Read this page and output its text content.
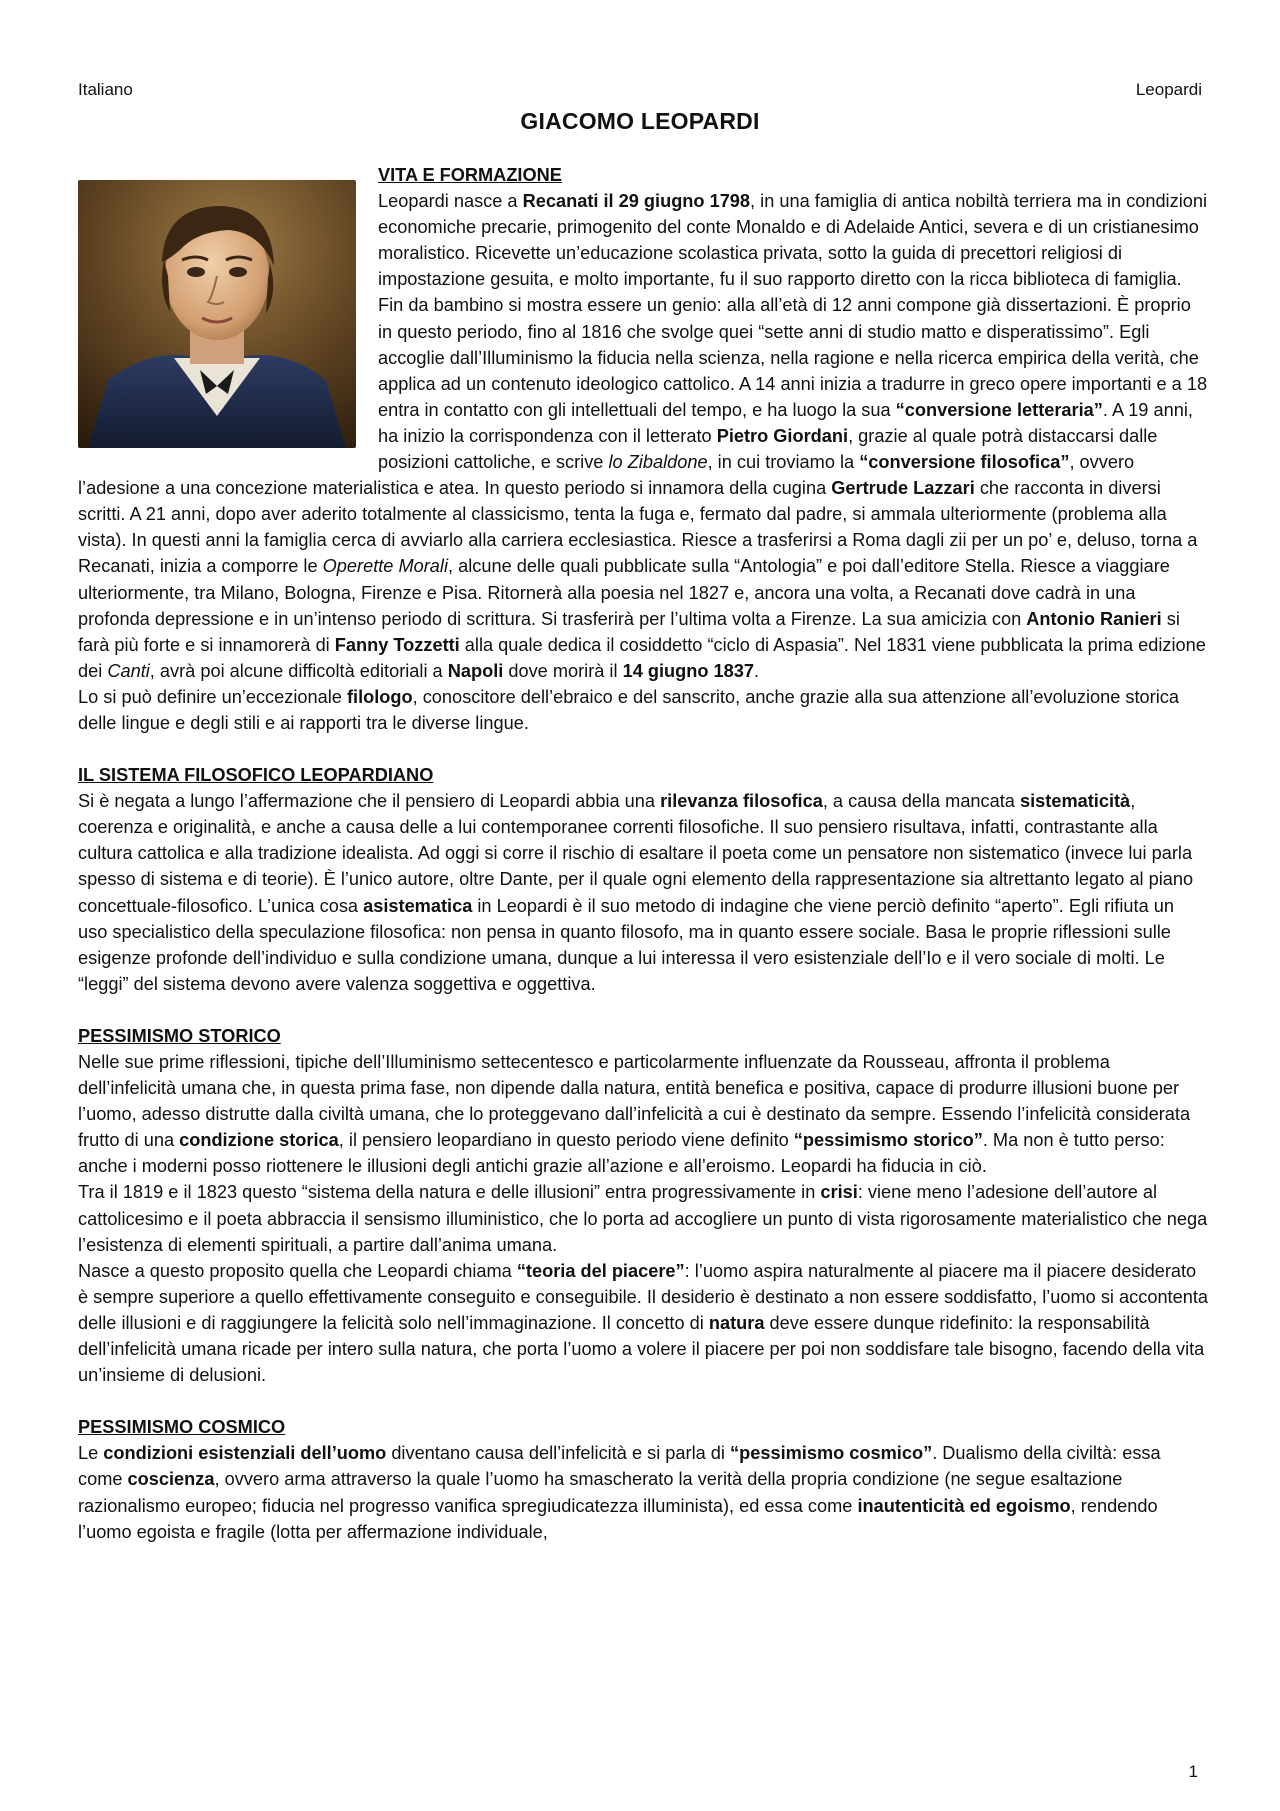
Italiano	Leopardi
GIACOMO LEOPARDI
VITA E FORMAZIONE

Leopardi nasce a Recanati il 29 giugno 1798, in una famiglia di antica nobiltà terriera ma in condizioni economiche precarie, primogenito del conte Monaldo e di Adelaide Antici, severa e di un cristianesimo moralistico. Ricevette un’educazione scolastica privata, sotto la guida di precettori religiosi di impostazione gesuita, e molto importante, fu il suo rapporto diretto con la ricca biblioteca di famiglia. Fin da bambino si mostra essere un genio: alla all’età di 12 anni compone già dissertazioni. È proprio in questo periodo, fino al 1816 che svolge quei “sette anni di studio matto e disperatissimo”. Egli accoglie dall’Illuminismo la fiducia nella scienza, nella ragione e nella ricerca empirica della verità, che applica ad un contenuto ideologico cattolico. A 14 anni inizia a tradurre in greco opere importanti e a 18 entra in contatto con gli intellettuali del tempo, e ha luogo la sua “conversione letteraria”. A 19 anni, ha inizio la corrispondenza con il letterato Pietro Giordani, grazie al quale potrà distaccarsi dalle posizioni cattoliche, e scrive lo Zibaldone, in cui troviamo la “conversione filosofica”, ovvero l’adesione a una concezione materialistica e atea. In questo periodo si innamora della cugina Gertrude Lazzari che racconta in diversi scritti. A 21 anni, dopo aver aderito totalmente al classicismo, tenta la fuga e, fermato dal padre, si ammala ulteriormente (problema alla vista). In questi anni la famiglia cerca di avviarlo alla carriera ecclesiastica. Riesce a trasferirsi a Roma dagli zii per un po’ e, deluso, torna a Recanati, inizia a comporre le Operette Morali, alcune delle quali pubblicate sulla “Antologia” e poi dall’editore Stella. Riesce a viaggiare ulteriormente, tra Milano, Bologna, Firenze e Pisa. Ritornerà alla poesia nel 1827 e, ancora una volta, a Recanati dove cadrà in una profonda depressione e in un’intenso periodo di scrittura. Si trasferirà per l’ultima volta a Firenze. La sua amicizia con Antonio Ranieri si farà più forte e si innamorerà di Fanny Tozzetti alla quale dedica il cosiddetto “ciclo di Aspasia”. Nel 1831 viene pubblicata la prima edizione dei Canti, avrà poi alcune difficoltà editoriali a Napoli dove morirà il 14 giugno 1837.

Lo si può definire un’eccezionale filologo, conoscitore dell’ebraico e del sanscrito, anche grazie alla sua attenzione all’evoluzione storica delle lingue e degli stili e ai rapporti tra le diverse lingue.

IL SISTEMA FILOSOFICO LEOPARDIANO

Si è negata a lungo l’affermazione che il pensiero di Leopardi abbia una rilevanza filosofica, a causa della mancata sistematicità, coerenza e originalità, e anche a causa delle a lui contemporanee correnti filosofiche. Il suo pensiero risultava, infatti, contrastante alla cultura cattolica e alla tradizione idealista. Ad oggi si corre il rischio di esaltare il poeta come un pensatore non sistematico (invece lui parla spesso di sistema e di teorie). È l’unico autore, oltre Dante, per il quale ogni elemento della rappresentazione sia altrettanto legato al piano concettuale-filosofico. L’unica cosa asistematica in Leopardi è il suo metodo di indagine che viene perciò definito “aperto”. Egli rifiuta un uso specialistico della speculazione filosofica: non pensa in quanto filosofo, ma in quanto essere sociale. Basa le proprie riflessioni sulle esigenze profonde dell’individuo e sulla condizione umana, dunque a lui interessa il vero esistenziale dell’Io e il vero sociale di molti. Le “leggi” del sistema devono avere valenza soggettiva e oggettiva.

PESSIMISMO STORICO

Nelle sue prime riflessioni, tipiche dell’Illuminismo settecentesco e particolarmente influenzate da Rousseau, affronta il problema dell’infelicità umana che, in questa prima fase, non dipende dalla natura, entità benefica e positiva, capace di produrre illusioni buone per l’uomo, adesso distrutte dalla civiltà umana, che lo proteggevano dall’infelicità a cui è destinato da sempre. Essendo l’infelicità considerata frutto di una condizione storica, il pensiero leopardiano in questo periodo viene definito “pessimismo storico”. Ma non è tutto perso: anche i moderni posso riottenere le illusioni degli antichi grazie all’azione e all’eroismo. Leopardi ha fiducia in ciò.

Tra il 1819 e il 1823 questo “sistema della natura e delle illusioni” entra progressivamente in crisi: viene meno l’adesione dell’autore al cattolicesimo e il poeta abbraccia il sensismo illuministico, che lo porta ad accogliere un punto di vista rigorosamente materialistico che nega l’esistenza di elementi spirituali, a partire dall’anima umana.

Nasce a questo proposito quella che Leopardi chiama “teoria del piacere”: l’uomo aspira naturalmente al piacere ma il piacere desiderato è sempre superiore a quello effettivamente conseguito e conseguibile. Il desiderio è destinato a non essere soddisfatto, l’uomo si accontenta delle illusioni e di raggiungere la felicità solo nell’immaginazione. Il concetto di natura deve essere dunque ridefinito: la responsabilità dell’infelicità umana ricade per intero sulla natura, che porta l’uomo a volere il piacere per poi non soddisfare tale bisogno, facendo della vita un’insieme di delusioni.

PESSIMISMO COSMICO

Le condizioni esistenziali dell’uomo diventano causa dell’infelicità e si parla di “pessimismo cosmico”. Dualismo della civiltà: essa come coscienza, ovvero arma attraverso la quale l’uomo ha smascherato la verità della propria condizione (ne segue esaltazione razionalismo europeo; fiducia nel progresso vanifica spregiudicatezza illuminista), ed essa come inautenticità ed egoismo, rendendo l’uomo egoista e fragile (lotta per affermazione individuale,

1
